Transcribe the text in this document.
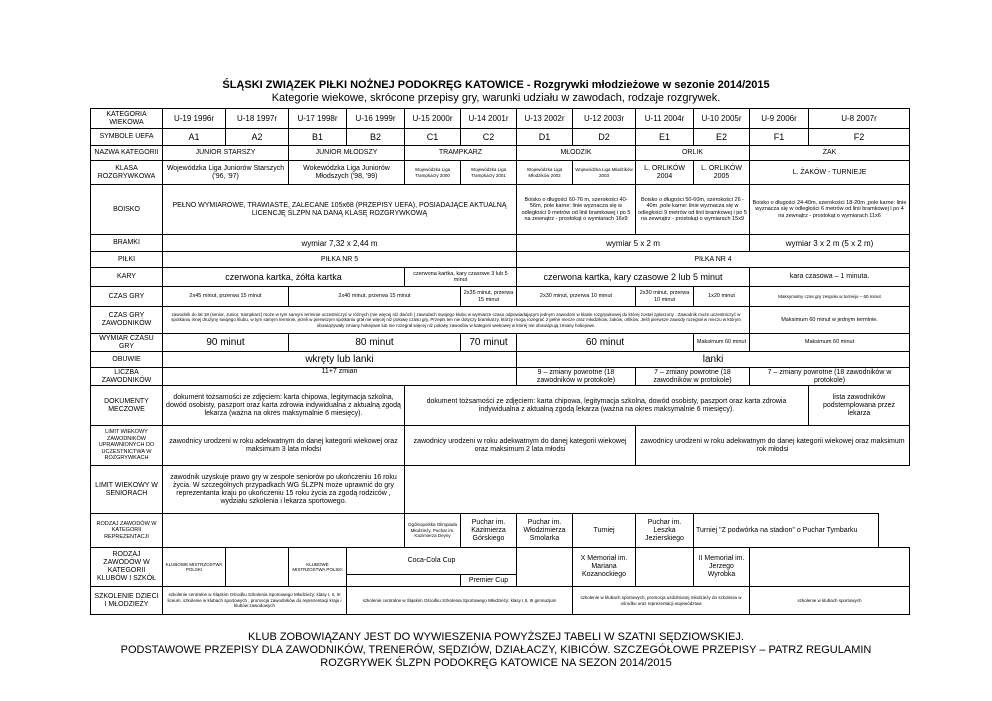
ŚLĄSKI ZWIĄZEK PIŁKI NOŻNEJ PODOKRĘG KATOWICE - Rozgrywki młodzieżowe w sezonie 2014/2015
Kategorie wiekowe, skrócone przepisy gry, warunki udziału w zawodach, rodzaje rozgrywek.
KATEGORIA WIEKOWA	U-19 1996r	U-18 1997r	U-17 1998r	U-16 1999r	U-15 2000r	U-14 2001r	U-13 2002r	U-12 2003r	U-11 2004r	U-10 2005r	U-9 2006r	U-8 2007r
SYMBOLE UEFA	A1	A2	B1	B2	C1	C2	D1	D2	E1	E2	F1	F2
NAZWA KATEGORII	JUNIOR STARSZY		JUNIOR MŁODSZY		TRAMPKARZ		MŁODZIK		ORLIK		ŻAK	
KLASA ROZGRYWKOWA	Wojewódzka Liga Juniorów Starszych ('96, '97)		Wokewódzka Liga Juniorów Młodszych ('98, '99)		Wojewódzka Liga Trampkarzy 2000	Wojewódzka Liga Trampkarzy 2001	Wojewódzka Liga Młodzików 2002	Wojewódzka Liga Młodzików 2003	L. ORLIKÓW 2004	L. ORLIKÓW 2005	L. ŻAKÓW - TURNIEJE	
BOISKO	PEŁNO WYMIAROWE, TRAWIASTE, ZALECANE 105x68 (PRZEPISY UEFA), POSIADAJĄCE AKTUALNĄ LICENCJĘ ŚLZPN NA DANĄ KLASĘ ROZGRYWKOWĄ						Boisko o długości 60-76 m, szerokości 40-56m, pole karne: linie wyznacza się w odległości 9 metrów od linii bramkowej i po 5 na zewnątrz - prostokąt o wymiarach 16x9		Boisko o długości 50-60m, szerokości 26 - 40m ,pole karne: linie wyznacza się w odległości 9 metrów od linii bramkowej i po 5 na zewnątrz - prostokąt o wymiarach 15x9		Boisko o długości 24-40m, szerokości 18-20m ,pole karne: linie wyznacza się w odległości 6 metrów od linii bramkowej i po 4 na zewnątrz - prostokąt o wymiarach 11x6	
BRAMKI	wymiar 7,32 x 2,44 m						wymiar 5 x 2 m				wymiar 3 x 2 m (5 x 2 m)	
PIŁKI	PIŁKA NR 5						PIŁKA NR 4					
KARY	czerwona kartka, żółta kartka				czerwona kartka, kary czasowe 3 lub 5 minut		czerwona kartka, kary czasowe 2 lub 5 minut				kara czasowa – 1 minuta.	
CZAS GRY	2x45 minut, przerwa 15 minut		2x40 minut, przerwa 15 minut			2x35 minut, przerwa 15 minut	2x30 minut, przerwa 10 minut		2x30 minut, przerwa 10 minut	1x20 minut	Maksymalny czas gry zespołu w turnieju – 60 minut	
CZAS GRY ZAWODNIKÓW	zawodnik do lat 18 (senior, Junior, trampkarz) może w tym samym terminie uczestniczyć w różnych (nie więcej niż dwóch ) zawodach swojego klubu w wymiarze czasu odpowiadającym jednym zawodom w klasie rozgrywkowej do której został zgłoszony . Zawodnik może uczestniczyć w spotkaniu innej drużyny swojego klubu, w tym samym terminie, jeżeli w pierwszym spotkaniu grał nie więcej niż połowę czasu gry. Przepis ten nie dotyczy bramkarzy, którzy mogą rozegrać 2 pełne mecze oraz młodzików, żaków, orlików. Jeśli pierwsze zawody rozegrał w meczu w którym obowiązywały zmiany hokejowe lub nie rozegrał więcej niż połowy zawodów w kategorii wiekowej w której nie obowiązują zmiany hokejowe.										Maksimum 60 minut w jednym terminie.	
WYMIAR CZASU GRY	90 minut		80 minut			70 minut	60 minut			Maksimum 60 minut	Maksimum 60 minut	
OBUWIE	wkręty lub lanki						lanki					
LICZBA ZAWODNIKÓW	11+7 zmian						9 – zmiany powrotne (18 zawodników w protokole)		7 – zmiany powrotne (18 zawodników w protokole)		7 – zmiany powrotne (18 zawodników w protokole)	
DOKUMENTY MECZOWE	dokument tożsamości ze zdjęciem: karta chipowa, legitymacja szkolna, dowód osobisty, paszport oraz karta zdrowia indywidualna z aktualną zgodą lekarza (ważna na okres maksymalnie 6 miesięcy).				dokument tożsamości ze zdjęciem: karta chipowa, legitymacja szkolna, dowód osobisty, paszport oraz karta zdrowia indywidualna z aktualną zgodą lekarza (ważna na okres maksymalnie 6 miesięcy).							lista zawodników podstemplowana przez lekarza
LIMIT WIEKOWY ZAWODNIKÓW UPRAWNIONYCH DO UCZESTNICTWA W ROZGRYWKACH	zawodnicy urodzeni w roku adekwatnym do danej kategorii wiekowej oraz maksimum 3 lata młodsi				zawodnicy urodzeni w roku adekwatnym do danej kategorii wiekowej oraz maksimum 2 lata młodsi				zawodnicy urodzeni w roku adekwatnym do danej kategorii wiekowej oraz maksimum rok młodsi			
LIMIT WIEKOWY W SENIORACH	zawodnik uzyskuje prawo gry w zespole seniorów po ukończeniu 16 roku życia. W szczególnych przypadkach WG ŚLZPN może uprawnić do gry reprezentanta kraju po ukończeniu 15 roku życia za zgodą rodziców , wydziału szkolenia i lekarza sportowego.											
RODZAJ ZAWODÓW W KATEGORII REPREZENTACJI					Ogólnopolska Olimpiada Młodzieży, Puchar im. Kazimierza Deyny	Puchar im. Kazimierza Górskiego	Puchar im. Włodzimierza Smolarka	Turniej	Puchar im. Leszka Jezierskiego	Turniej "Z podwórka na stadion" o Puchar Tymbarku		
RODZAJ ZAWODÓW W KATEGORII KLUBÓW I SZKÓŁ	KLUBOWE MISTRZOSTWA POLSKI		KLUBOWE MISTRZOSTWA POLSKI	Coca-Cola Cup				X Memoriał im. Mariana Kozanockiego		II Memoriał im. Jerzego Wyrobka		
						Premier Cup						
SZKOLENIE DZIECI I MŁODZIEŻY	szkolenie centralne w Śląskim Ośrodku Szkolenia Sportowego Młodzieży: klasy I, II, III liceum. szkolenie w klubach sportowych , promocja zawodników do reprezentacji kraju i klubów zawodowych			szkolenie centralne w Śląskim Ośrodku Szkolenia Sportowego Młodzieży: klasy I,II, III gimnazjum				szkolenie w klubach sportowych, promocja uzdolnionej młodzieży do szkolenia w ośrodku oraz reprezentacji województwa			szkolenie w klubach sportowych	
KLUB ZOBOWIĄZANY JEST DO WYWIESZENIA POWYŻSZEJ TABELI W SZATNI SĘDZIOWSKIEJ.
PODSTAWOWE PRZEPISY DLA ZAWODNIKÓW, TRENERÓW, SĘDZIÓW, DZIAŁACZY, KIBICÓW. SZCZEGÓŁOWE PRZEPISY – PATRZ REGULAMIN
ROZGRYWEK ŚLZPN PODOKRĘG KATOWICE NA SEZON 2014/2015
